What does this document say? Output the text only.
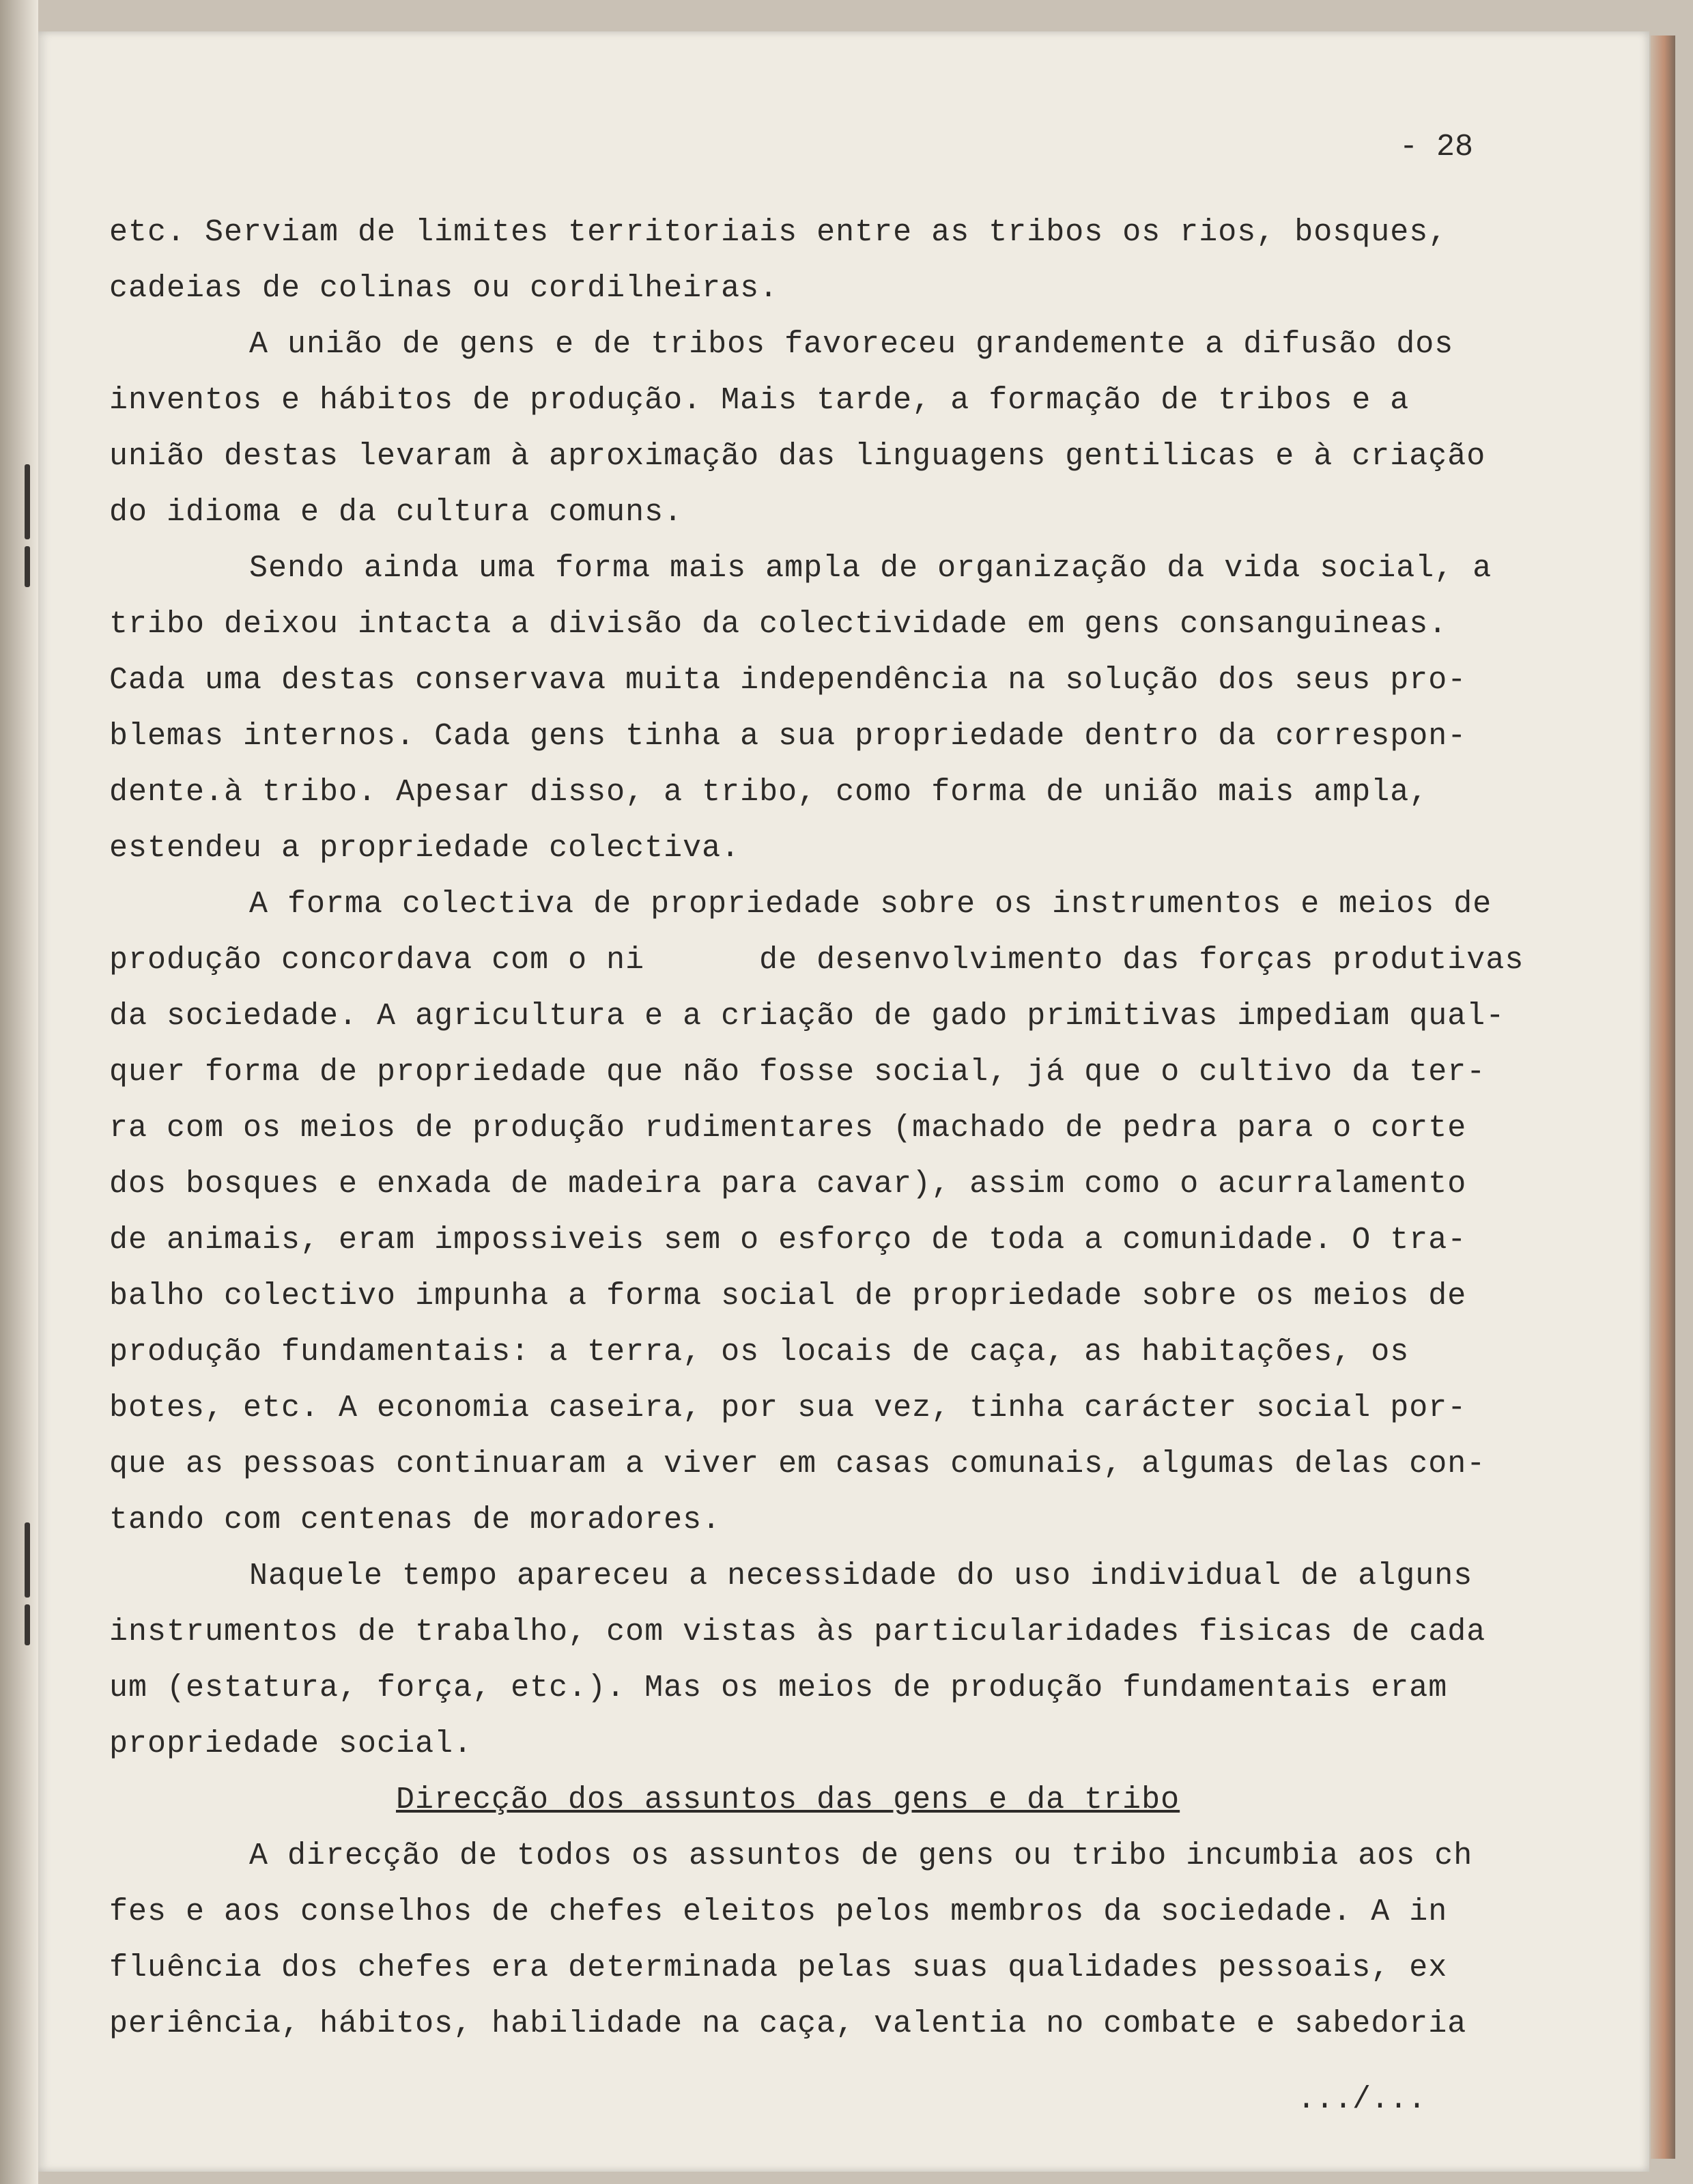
- 28
etc. Serviam de limites territoriais entre as tribos os rios, bosques,
cadeias de colinas ou cordilheiras.
A união de gens e de tribos favoreceu grandemente a difusão dos
inventos e hábitos de produção. Mais tarde, a formação de tribos e a
união destas levaram à aproximação das linguagens gentilicas e à criação
do idioma e da cultura comuns.
Sendo ainda uma forma mais ampla de organização da vida social, a
tribo deixou intacta a divisão da colectividade em gens consanguineas.
Cada uma destas conservava muita independência na solução dos seus pro-
blemas internos. Cada gens tinha a sua propriedade dentro da correspon-
dente.à tribo. Apesar disso, a tribo, como forma de união mais ampla,
estendeu a propriedade colectiva.
A forma colectiva de propriedade sobre os instrumentos e meios de
produção concordava com o ni      de desenvolvimento das forças produtivas
da sociedade. A agricultura e a criação de gado primitivas impediam qual-
quer forma de propriedade que não fosse social, já que o cultivo da ter-
ra com os meios de produção rudimentares (machado de pedra para o corte
dos bosques e enxada de madeira para cavar), assim como o acurralamento
de animais, eram impossiveis sem o esforço de toda a comunidade. O tra-
balho colectivo impunha a forma social de propriedade sobre os meios de
produção fundamentais: a terra, os locais de caça, as habitações, os
botes, etc. A economia caseira, por sua vez, tinha carácter social por-
que as pessoas continuaram a viver em casas comunais, algumas delas con-
tando com centenas de moradores.
Naquele tempo apareceu a necessidade do uso individual de alguns
instrumentos de trabalho, com vistas às particularidades fisicas de cada
um (estatura, força, etc.). Mas os meios de produção fundamentais eram
propriedade social.
Direcção dos assuntos das gens e da tribo
A direcção de todos os assuntos de gens ou tribo incumbia aos ch
fes e aos conselhos de chefes eleitos pelos membros da sociedade. A in
fluência dos chefes era determinada pelas suas qualidades pessoais, ex
periência, hábitos, habilidade na caça, valentia no combate e sabedoria
.../...
